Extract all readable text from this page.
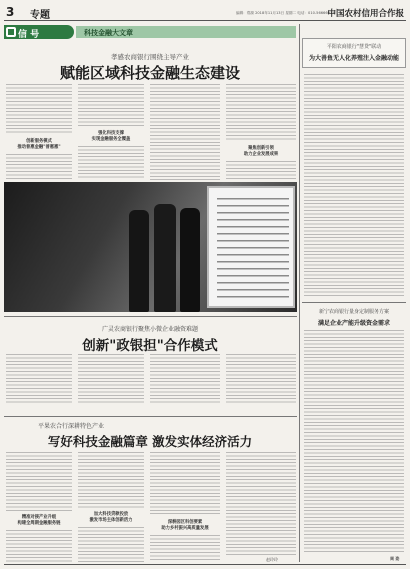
3 专题	编辑：郑源 2018年11月13日 星期二 电话：010-56666033
中国农村信用合作报
信 号	科技金融大文章
孝感农商银行围绕主导产业
赋能区域科技金融生态建设
创新服务模式
推动普惠金融"普惠惠"
强化科技支撑
实现金融服务全覆盖
聚焦创新引领
助力企业发展成果
广灵农商银行聚焦小微企业融资难题
创新"政银担"合作模式
平果农合行深耕特色产业
写好科技金融篇章 激发实体经济活力
精准对接产业升级
构建全周期金融服务链
加大科技贷款投放
激发市场主体创新活力	深耕园区科创要素
助力乡村振兴高质量发展
赵玲玲
平阳农商银行"慧贷"联动
为大善鱼无人化养殖注入金融动能
新宁农商银行量身定制服务方案
满足企业产能升级资金需求
周 姿
